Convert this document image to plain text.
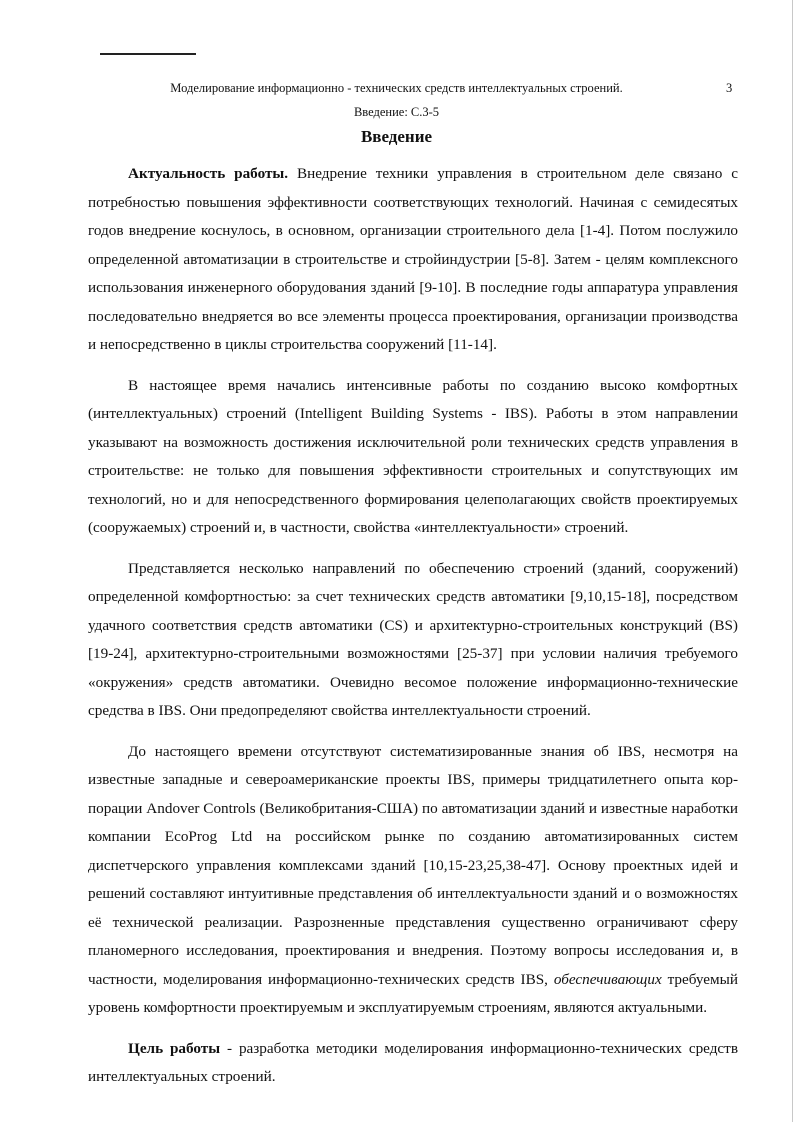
Моделирование информационно - технических средств интеллектуальных строений.	3
Введение: С.3-5
Введение

Актуальность работы. Внедрение техники управления в строительном деле связано с потребностью повышения эффективности соответствующих технологий. Начиная с семидесятых годов внедрение коснулось, в основном, организации строительного дела [1-4]. Потом послужило определенной автоматизации в строительстве и стройиндустрии [5-8]. Затем - целям комплексного использования инженерного оборудования зданий [9-10]. В последние годы аппаратура управления последовательно внедряется во все элементы процесса проектирования, организации производства и непосредственно в циклы строительства сооружений [11-14].

В настоящее время начались интенсивные работы по созданию высоко комфортных (интеллектуальных) строений (Intelligent Building Systems - IBS). Работы в этом направлении указывают на возможность достижения исключительной роли технических средств управления в строительстве: не только для повышения эффективности строительных и сопутствующих им технологий, но и для непосредственного формирования целеполагающих свойств проектируемых (сооружаемых) строений и, в частности, свойства «интеллектуальности» строений.

Представляется несколько направлений по обеспечению строений (зданий, сооружений) определенной комфортностью: за счет технических средств автоматики [9,10,15-18], посредством удачного соответствия средств автоматики (CS) и архитектурно-строительных конструкций (BS) [19-24], архитектурно-строительными возможностями [25-37] при условии наличия требуемого «окружения» средств автоматики. Очевидно весомое положение информационно-технические средства в IBS. Они предопределяют свойства интеллектуальности строений.

До настоящего времени отсутствуют систематизированные знания об IBS, несмотря на известные западные и североамериканские проекты IBS, примеры тридцатилетнего опыта корпорации Andover Controls (Великобритания-США) по автоматизации зданий и известные наработки компании EcoProg Ltd на российском рынке по созданию автоматизированных систем диспетчерского управления комплексами зданий [10,15-23,25,38-47]. Основу проектных идей и решений составляют интуитивные представления об интеллектуальности зданий и о возможностях её технической реализации. Разрозненные представления существенно ограничивают сферу планомерного исследования, проектирования и внедрения. Поэтому вопросы исследования и, в частности, моделирования информационно-технических средств IBS, обеспечивающих требуемый уровень комфортности проектируемым и эксплуатируемым строениям, являются актуальными.

Цель работы - разработка методики моделирования информационно-технических средств интеллектуальных строений.
